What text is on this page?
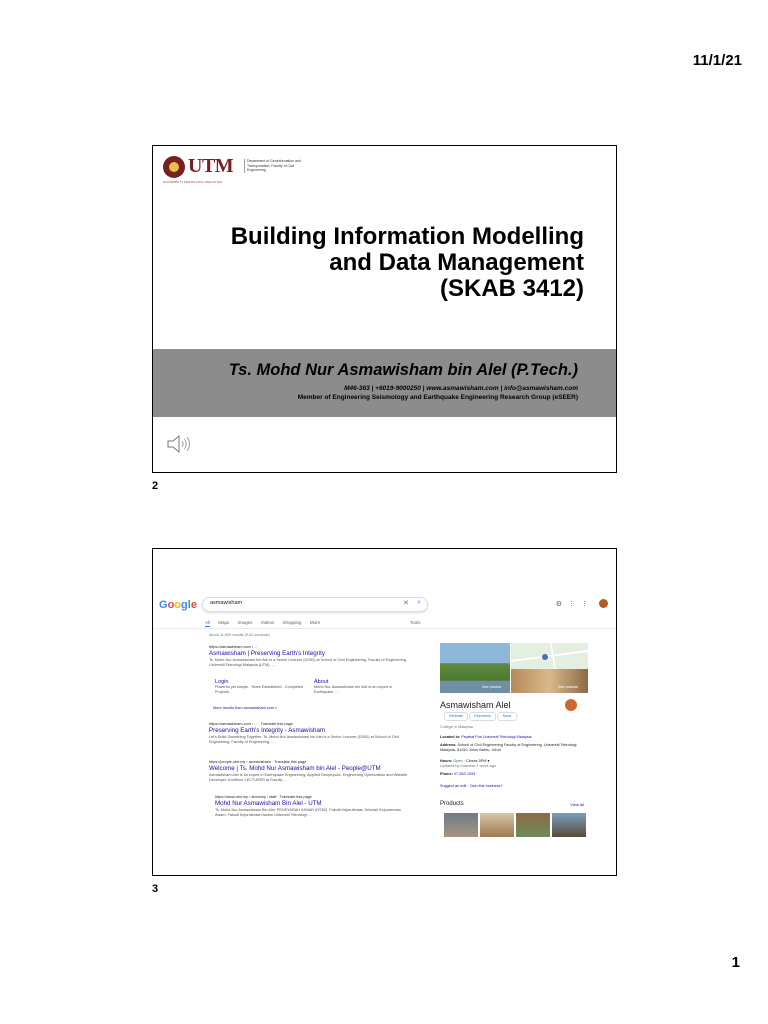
11/1/21
UTM
UNIVERSITI TEKNOLOGI MALAYSIA
Department of Geoinformation and Transportation, Faculty of Civil Engineering
Building Information Modelling
and Data Management
(SKAB 3412)
Ts. Mohd Nur Asmawisham bin Alel (P.Tech.)
M46-363 | +6019-9000250 | www.asmawisham.com | info@asmawisham.com
Member of Engineering Seismology and Earthquake Engineering Research Group (eSEER)
2
Google asmawisham	✕ ⌕	⚙⋮⋮
All Maps Images Videos Shopping More	Tools
About 11,600 results (0.52 seconds)
https://asmawisham.com › ...
Asmawisham | Preserving Earth's Integrity
Ts. Mohd Nur Asmawisham bin Alel is a Senior Lecturer (DS52) at School of Civil Engineering, Faculty of Engineering, Universiti Teknologi Malaysia (UTM). ...
Login
Powerful yet simple - Years Established - Completed Projects.
About
Mohd Nur Asmawisham bin Alel is an expert in Earthquake ...
More results from asmawisham.com »
https://asmawisham.com › ... · Translate this page
Preserving Earth's Integrity - Asmawisham
Let's Build Something Together. Ts. Mohd Nur Asmawisham bin Alel is a Senior Lecturer (DS52) at School of Civil Engineering, Faculty of Engineering, ...
https://people.utm.my › asmawisham · Translate this page
Welcome | Ts. Mohd Nur Asmawisham bin Alel - People@UTM
Asmawisham Alel is an expert in Earthquake Engineering, Applied Geophysics, Engineering Optimization and Website Developer. A fulltime LECTURER at Faculty ...
https://www.utm.my › directory › staff · Translate this page
Mohd Nur Asmawisham Bin Alel - UTM
Ts. Mohd Nur Asmawisham Bin Alel. PENSYARAH KANAN (DS52). Fakulti Kejuruteraan Sekolah Kejuruteraan Awam. Fakulti Kejuruteraan Awam Universiti Teknologi ...
See photos	See outside
Asmawisham Alel
Website	Directions	Save
College in Malaysia
Located in: Pejabat Pos Universiti Teknologi Malaysia
Address: School of Civil Engineering Faculty of Engineering, Universiti Teknologi Malaysia, 81310 Johor Bahru, Johor
Hours: Open · Closes 5PM ▾
Updated by business 1 week ago
Phone: 07-553 1533
Suggest an edit · Own this business?
Products	View all
3
1
